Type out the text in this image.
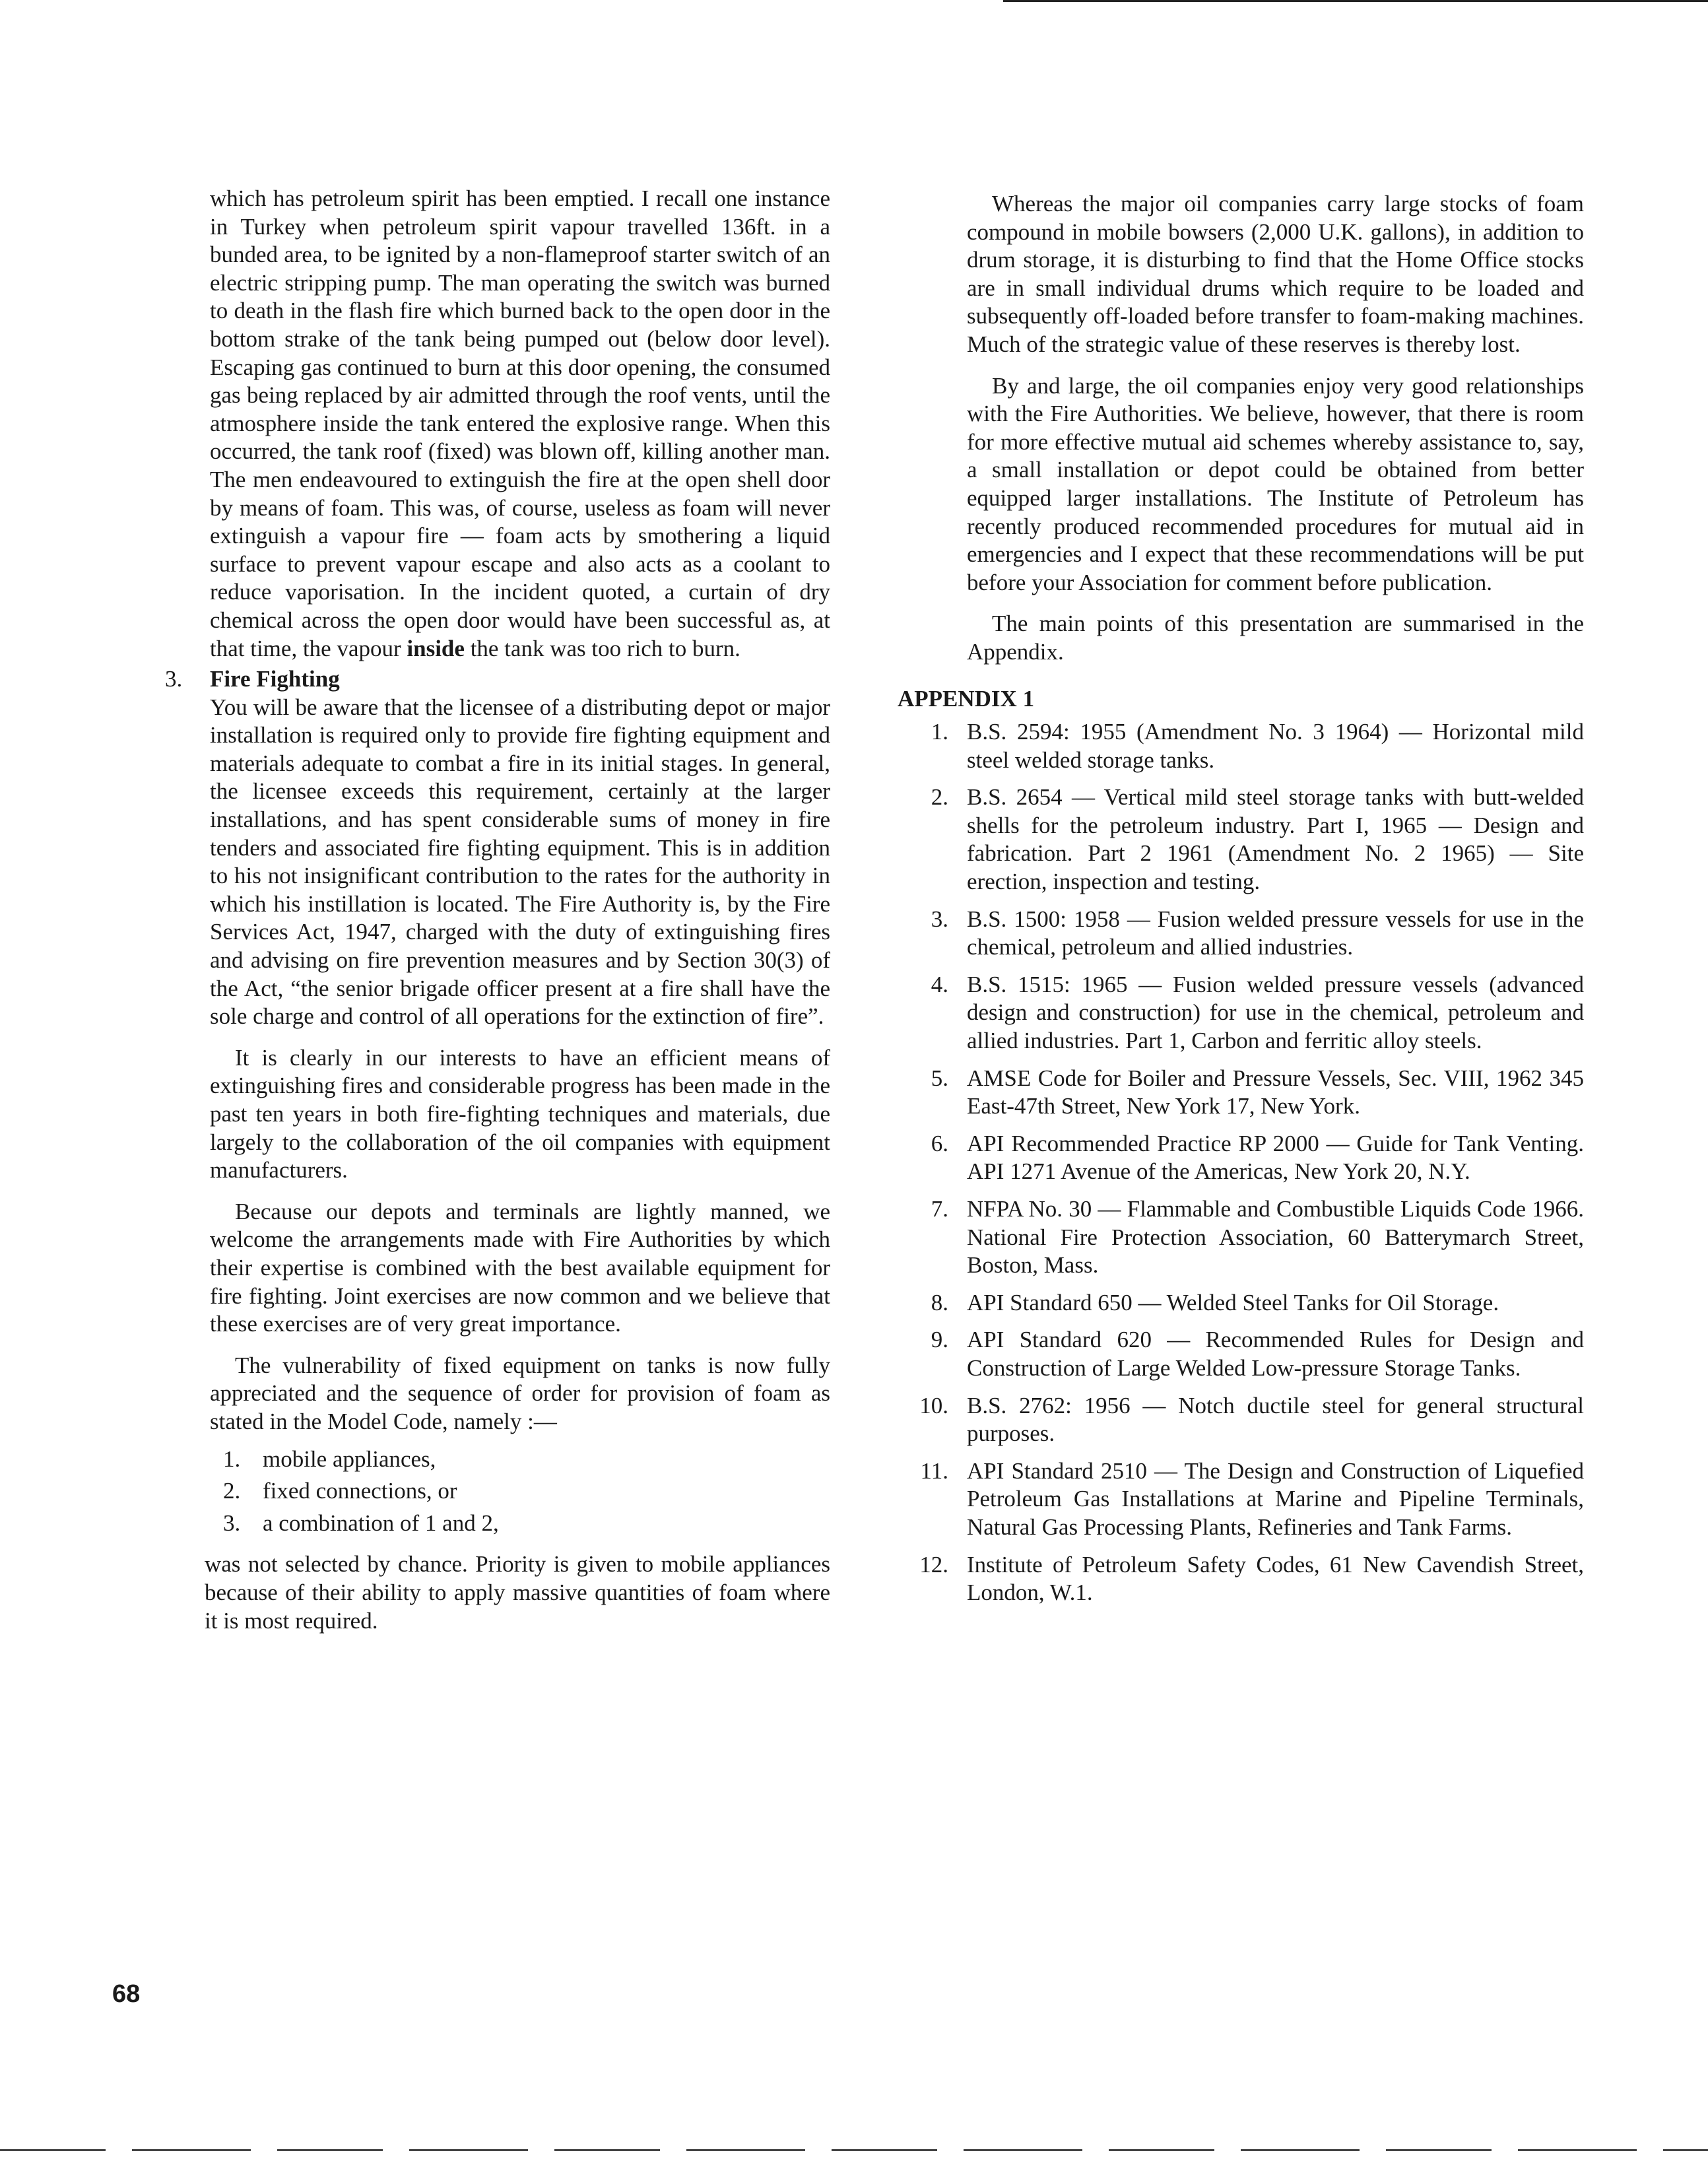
which has petroleum spirit has been emptied. I recall one instance in Turkey when petroleum spirit vapour travelled 136ft. in a bunded area, to be ignited by a non-flameproof starter switch of an electric stripping pump. The man operating the switch was burned to death in the flash fire which burned back to the open door in the bottom strake of the tank being pumped out (below door level). Escaping gas continued to burn at this door opening, the consumed gas being replaced by air admitted through the roof vents, until the atmosphere inside the tank entered the explosive range. When this occurred, the tank roof (fixed) was blown off, killing another man. The men endeavoured to extinguish the fire at the open shell door by means of foam. This was, of course, useless as foam will never extinguish a vapour fire — foam acts by smothering a liquid surface to prevent vapour escape and also acts as a coolant to reduce vaporisation. In the incident quoted, a curtain of dry chemical across the open door would have been successful as, at that time, the vapour inside the tank was too rich to burn.

3.	Fire Fighting

You will be aware that the licensee of a distributing depot or major installation is required only to provide fire fighting equipment and materials adequate to combat a fire in its initial stages. In general, the licensee exceeds this requirement, certainly at the larger installations, and has spent considerable sums of money in fire tenders and associated fire fighting equipment. This is in addition to his not insignificant contribution to the rates for the authority in which his instillation is located. The Fire Authority is, by the Fire Services Act, 1947, charged with the duty of extinguishing fires and advising on fire prevention measures and by Section 30(3) of the Act, “the senior brigade officer present at a fire shall have the sole charge and control of all operations for the extinction of fire”.

It is clearly in our interests to have an efficient means of extinguishing fires and considerable progress has been made in the past ten years in both fire-fighting techniques and materials, due largely to the collaboration of the oil companies with equipment manufacturers.

Because our depots and terminals are lightly manned, we welcome the arrangements made with Fire Authorities by which their expertise is combined with the best available equipment for fire fighting. Joint exercises are now common and we believe that these exercises are of very great importance.

The vulnerability of fixed equipment on tanks is now fully appreciated and the sequence of order for provision of foam as stated in the Model Code, namely :—

1. mobile appliances,
2. fixed connections, or
3. a combination of 1 and 2,

was not selected by chance. Priority is given to mobile appliances because of their ability to apply massive quantities of foam where it is most required.

Whereas the major oil companies carry large stocks of foam compound in mobile bowsers (2,000 U.K. gallons), in addition to drum storage, it is disturbing to find that the Home Office stocks are in small individual drums which require to be loaded and subsequently off-loaded before transfer to foam-making machines. Much of the strategic value of these reserves is thereby lost.

By and large, the oil companies enjoy very good relationships with the Fire Authorities. We believe, however, that there is room for more effective mutual aid schemes whereby assistance to, say, a small installation or depot could be obtained from better equipped larger installations. The Institute of Petroleum has recently produced recommended procedures for mutual aid in emergencies and I expect that these recommendations will be put before your Association for comment before publication.

The main points of this presentation are summarised in the Appendix.

APPENDIX 1
1. B.S. 2594: 1955 (Amendment No. 3 1964) — Horizontal mild steel welded storage tanks.
2. B.S. 2654 — Vertical mild steel storage tanks with butt-welded shells for the petroleum industry. Part I, 1965 — Design and fabrication. Part 2 1961 (Amendment No. 2 1965) — Site erection, inspection and testing.
3. B.S. 1500: 1958 — Fusion welded pressure vessels for use in the chemical, petroleum and allied industries.
4. B.S. 1515: 1965 — Fusion welded pressure vessels (advanced design and construction) for use in the chemical, petroleum and allied industries. Part 1, Carbon and ferritic alloy steels.
5. AMSE Code for Boiler and Pressure Vessels, Sec. VIII, 1962 345 East-47th Street, New York 17, New York.
6. API Recommended Practice RP 2000 — Guide for Tank Venting. API 1271 Avenue of the Americas, New York 20, N.Y.
7. NFPA No. 30 — Flammable and Combustible Liquids Code 1966. National Fire Protection Association, 60 Batterymarch Street, Boston, Mass.
8. API Standard 650 — Welded Steel Tanks for Oil Storage.
9. API Standard 620 — Recommended Rules for Design and Construction of Large Welded Low-pressure Storage Tanks.
10. B.S. 2762: 1956 — Notch ductile steel for general structural purposes.
11. API Standard 2510 — The Design and Construction of Liquefied Petroleum Gas Installations at Marine and Pipeline Terminals, Natural Gas Processing Plants, Refineries and Tank Farms.
12. Institute of Petroleum Safety Codes, 61 New Cavendish Street, London, W.1.
68
